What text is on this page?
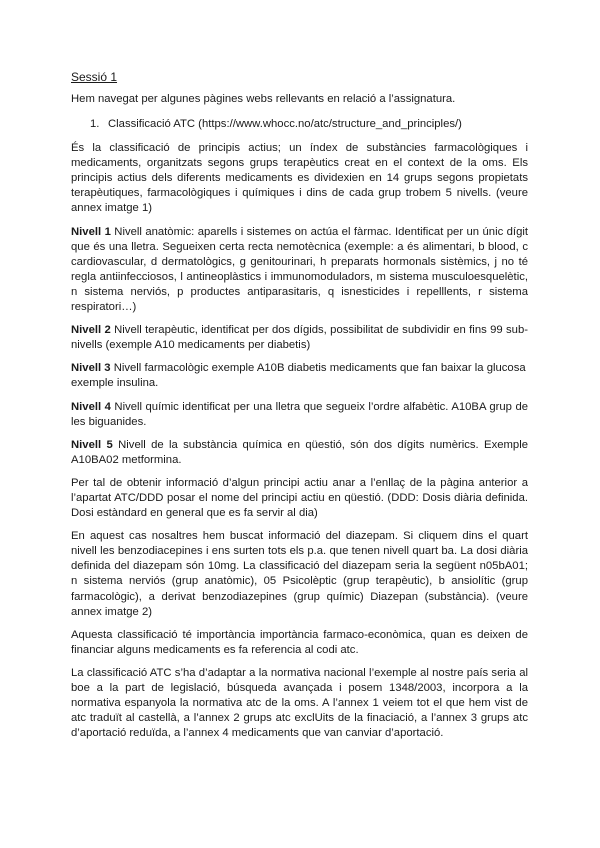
Sessió 1

Hem navegat per algunes pàgines webs rellevants en relació a l’assignatura.

1. Classificació ATC (https://www.whocc.no/atc/structure_and_principles/)

És la classificació de principis actius; un índex de substàncies farmacològiques i medicaments, organitzats segons grups terapèutics creat en el context de la oms. Els principis actius dels diferents medicaments es dividexien en 14 grups segons propietats terapèutiques, farmacològiques i químiques i dins de cada grup trobem 5 nivells. (veure annex imatge 1)

Nivell 1 Nivell anatòmic: aparells i sistemes on actúa el fàrmac. Identificat per un únic dígit que és una lletra. Segueixen certa recta nemotècnica (exemple: a és alimentari, b blood, c cardiovascular, d dermatològics, g genitourinari, h preparats hormonals sistèmics, j no té regla antiinfecciosos, l antineoplàstics i immunomoduladors, m sistema musculoesquelètic, n sistema nerviós, p productes antiparasitaris, q isnesticides i repelllents, r sistema respiratori…)

Nivell 2 Nivell terapèutic, identificat per dos dígids, possibilitat de subdividir en fins 99 sub-nivells (exemple A10 medicaments per diabetis)

Nivell 3 Nivell farmacològic exemple A10B diabetis medicaments que fan baixar la glucosa exemple insulina.

Nivell 4 Nivell químic identificat per una lletra que segueix l’ordre alfabètic. A10BA grup de les biguanides.

Nivell 5 Nivell de la substància química en qüestió, són dos dígits numèrics. Exemple A10BA02 metformina.

Per tal de obtenir informació d’algun principi actiu anar a l’enllaç de la pàgina anterior a l’apartat ATC/DDD posar el nome del principi actiu en qüestió. (DDD: Dosis diària definida. Dosi estàndard en general que es fa servir al dia)

En aquest cas nosaltres hem buscat informació del diazepam. Si cliquem dins el quart nivell les benzodiacepines i ens surten tots els p.a. que tenen nivell quart ba. La dosi diària definida del diazepam són 10mg. La classificació del diazepam seria la següent n05bA01; n sistema nerviós (grup anatòmic), 05 Psicolèptic (grup terapèutic), b ansiolític (grup farmacològic), a derivat benzodiazepines (grup químic) Diazepan (substància). (veure annex imatge 2)

Aquesta classificació té importància importància farmaco-econòmica, quan es deixen de financiar alguns medicaments es fa referencia al codi atc.

La classificació ATC s’ha d’adaptar a la normativa nacional l’exemple al nostre país seria al boe a la part de legislació, búsqueda avançada i posem 1348/2003, incorpora a la normativa espanyola la normativa atc de la oms. A l’annex 1 veiem tot el que hem vist de atc traduït al castellà, a l’annex 2 grups atc exclUits de la finaciació, a l’annex 3 grups atc d’aportació reduïda, a l’annex 4 medicaments que van canviar d’aportació.
